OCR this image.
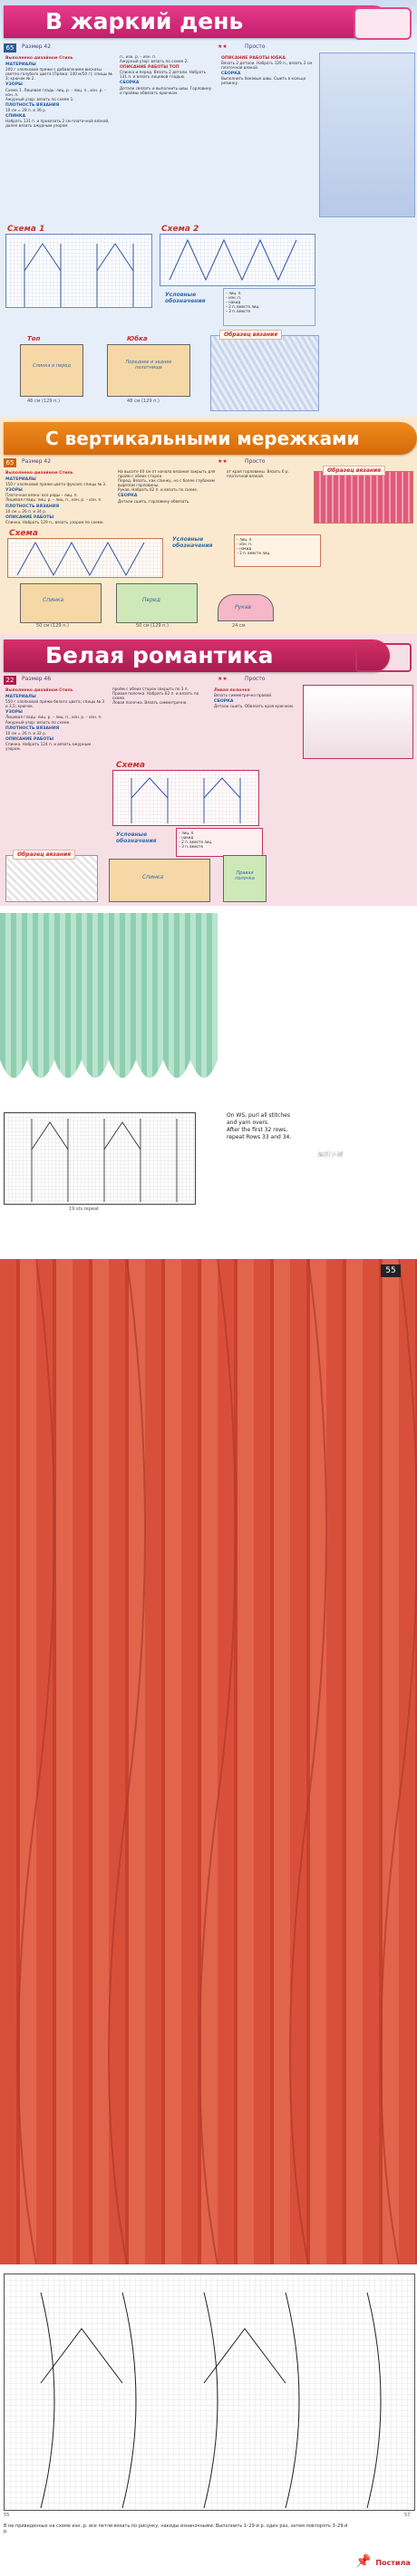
В жаркий день
65	Размер 42	★★	Просто
Выполнено дизайном Стиль
МАТЕРИАЛЫ
200 г хлопковой пряжи с добавлением вискозы светло-голубого цвета (Пряжа: 140 м/50 г); спицы № 3; крючок № 2.
УЗОРЫ
Схема 1. Лицевая гладь: лиц. р. – лиц. п., изн. р. – изн. п.
Ажурный узор: вязать по схеме 1.
ПЛОТНОСТЬ ВЯЗАНИЯ
10 см = 28 п. и 36 р.
СПИНКА
Набрать 131 п. и провязать 2 см платочной вязкой, далее вязать ажурным узором.
п., изн. р. – изн. п.
Ажурный узор: вязать по схеме 2.
ОПИСАНИЕ РАБОТЫ ТОП
Спинка и перед. Вязать 2 детали. Набрать 131 п. и вязать лицевой гладью.
СБОРКА
Детали связать и выполнить швы. Горловину и проймы обвязать крючком.
ОПИСАНИЕ РАБОТЫ ЮБКА
Вязать 2 детали. Набрать 129 п., вязать 2 см платочной вязкой.
СБОРКА
Выполнить боковые швы. Сшить в кольцо резинку.
Схема 1	Схема 2
Условные обозначения
– лиц. п.
– изн. п.
– накид
– 2 п. вместе лиц.
– 3 п. вместе
Топ
Спинка и перед
46 см (129 п.)
Юбка
Переднее и заднее полотнище
48 см (129 п.)
Образец вязания
С вертикальными мережками
65	Размер 42	★★	Просто
Выполнено дизайном Стиль
МАТЕРИАЛЫ
150 г хлопковой пряжи цвета фуксия; спицы № 3.
УЗОРЫ
Платочная вязка: все ряды – лиц. п.
Лицевая гладь: лиц. р. – лиц. п., изн. р. – изн. п.
ПЛОТНОСТЬ ВЯЗАНИЯ
10 см = 26 п. и 34 р.
ОПИСАНИЕ РАБОТЫ
Спинка. Набрать 129 п., вязать узором по схеме.
На высоте 40 см от начала вязания закрыть для пройм с обеих сторон.
Перед. Вязать, как спинку, но с более глубоким вырезом горловины.
Рукав. Набрать 62 п. и вязать по схеме.
СБОРКА
Детали сшить, горловину обвязать.
от края горловины. Вязать 6 р. платочной вязкой.
Образец вязания
Схема
Условные обозначения
– лиц. п.
– изн. п.
– накид
– 2 п. вместе лиц.
Спинка
50 см (129 п.)
Перед
50 см (129 п.)
Рукав
24 см
Белая романтика
22	Размер 46	★★	Просто
Выполнено дизайном Стиль
МАТЕРИАЛЫ
550 г хлопковой пряжи белого цвета; спицы № 3 и 3,5; крючок.
УЗОРЫ
Лицевая гладь: лиц. р. – лиц. п., изн. р. – изн. п.
Ажурный узор: вязать по схеме.
ПЛОТНОСТЬ ВЯЗАНИЯ
10 см = 26 п. и 32 р.
ОПИСАНИЕ РАБОТЫ
Спинка. Набрать 124 п. и вязать ажурным узором.
пройм с обеих сторон закрыть по 3 п.
Правая полочка. Набрать 62 п. и вязать по схеме.
Левая полочка. Вязать симметрично.
Левая полочка
Вязать симметрично правой.
СБОРКА
Детали сшить. Обвязать края крючком.
Схема
Условные обозначения
– лиц. п.
– накид
– 2 п. вместе лиц.
– 3 п. вместе
Образец вязания
Спинка
Правая полочка
19 sts repeat
On WS, purl all stitches
and yarn overs.
After the first 32 rows,
repeat Rows 33 and 34.
编织小铺
55
55	57
В не приведенных на схеме изн. р. все петли вязать по рисунку, накиды изнаночными. Выполнить 1–29-й р. один раз, затем повторять 3–29-й р.
📌 Постила
